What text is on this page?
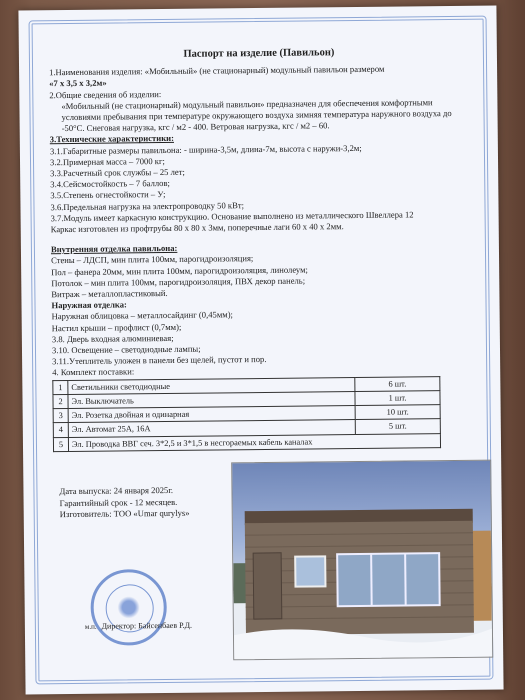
Паспорт на изделие (Павильон)

1.Наименования изделия: «Мобильный» (не стационарный) модульный павильон размером

«7 х 3,5 х 3,2м»

2.Общие сведения об изделии:

«Мобильный (не стационарный) модульный павильон» предназначен для обеспечения комфортными условиями пребывания при температуре окружающего воздуха зимняя температура наружного воздуха до -50°С. Снеговая нагрузка, кгс / м2 - 400. Ветровая нагрузка, кгс / м2 – 60.

3.Технические характеристики:

3.1.Габаритные размеры павильона: - ширина-3,5м, длина-7м, высота с наружи-3,2м;

3.2.Примерная масса – 7000 кг;

3.3.Расчетный срок службы – 25 лет;

3.4.Сейсмостойкость – 7 баллов;

3.5.Степень огнестойкости – У;

3.6.Предельная нагрузка на электропроводку 50 кВт;

3.7.Модуль имеет каркасную конструкцию. Основание выполнено из металлического Швеллера 12

Каркас изготовлен из профтрубы 80 х 80 х 3мм, поперечные лаги 60 х 40 х 2мм.

Внутренняя отделка павильона:

Стены – ЛДСП, мин плита 100мм, парогидроизоляция;

Пол – фанера 20мм, мин плита 100мм, парогидроизоляция, линолеум;

Потолок – мин плита 100мм, парогидроизоляция, ПВХ декор панель;

Витраж – металлопластиковый.

Наружная отделка:

Наружная облицовка – металлосайдинг (0,45мм);

Настил крыши – профлист (0,7мм);

3.8. Дверь входная алюминиевая;

3.10. Освещение – светодиодные лампы;

3.11.Утеплитель уложен в панели без щелей, пустот и пор.

4. Комплект поставки:

1	Светильники светодиодные	6 шт.
2	Эл. Выключатель	1 шт.
3	Эл. Розетка двойная и одинарная	10 шт.
4	Эл. Автомат 25А, 16А	5 шт.
5	Эл. Проводка ВВГ сеч. 3*2,5 и 3*1,5 в несгораемых кабель каналах	
Дата выпуска: 24 января 2025г.
Гарантийный срок - 12 месяцев.
Изготовитель: ТОО «Umar qurylys»
м.п. Директор: Байсенбаев Р.Д.
